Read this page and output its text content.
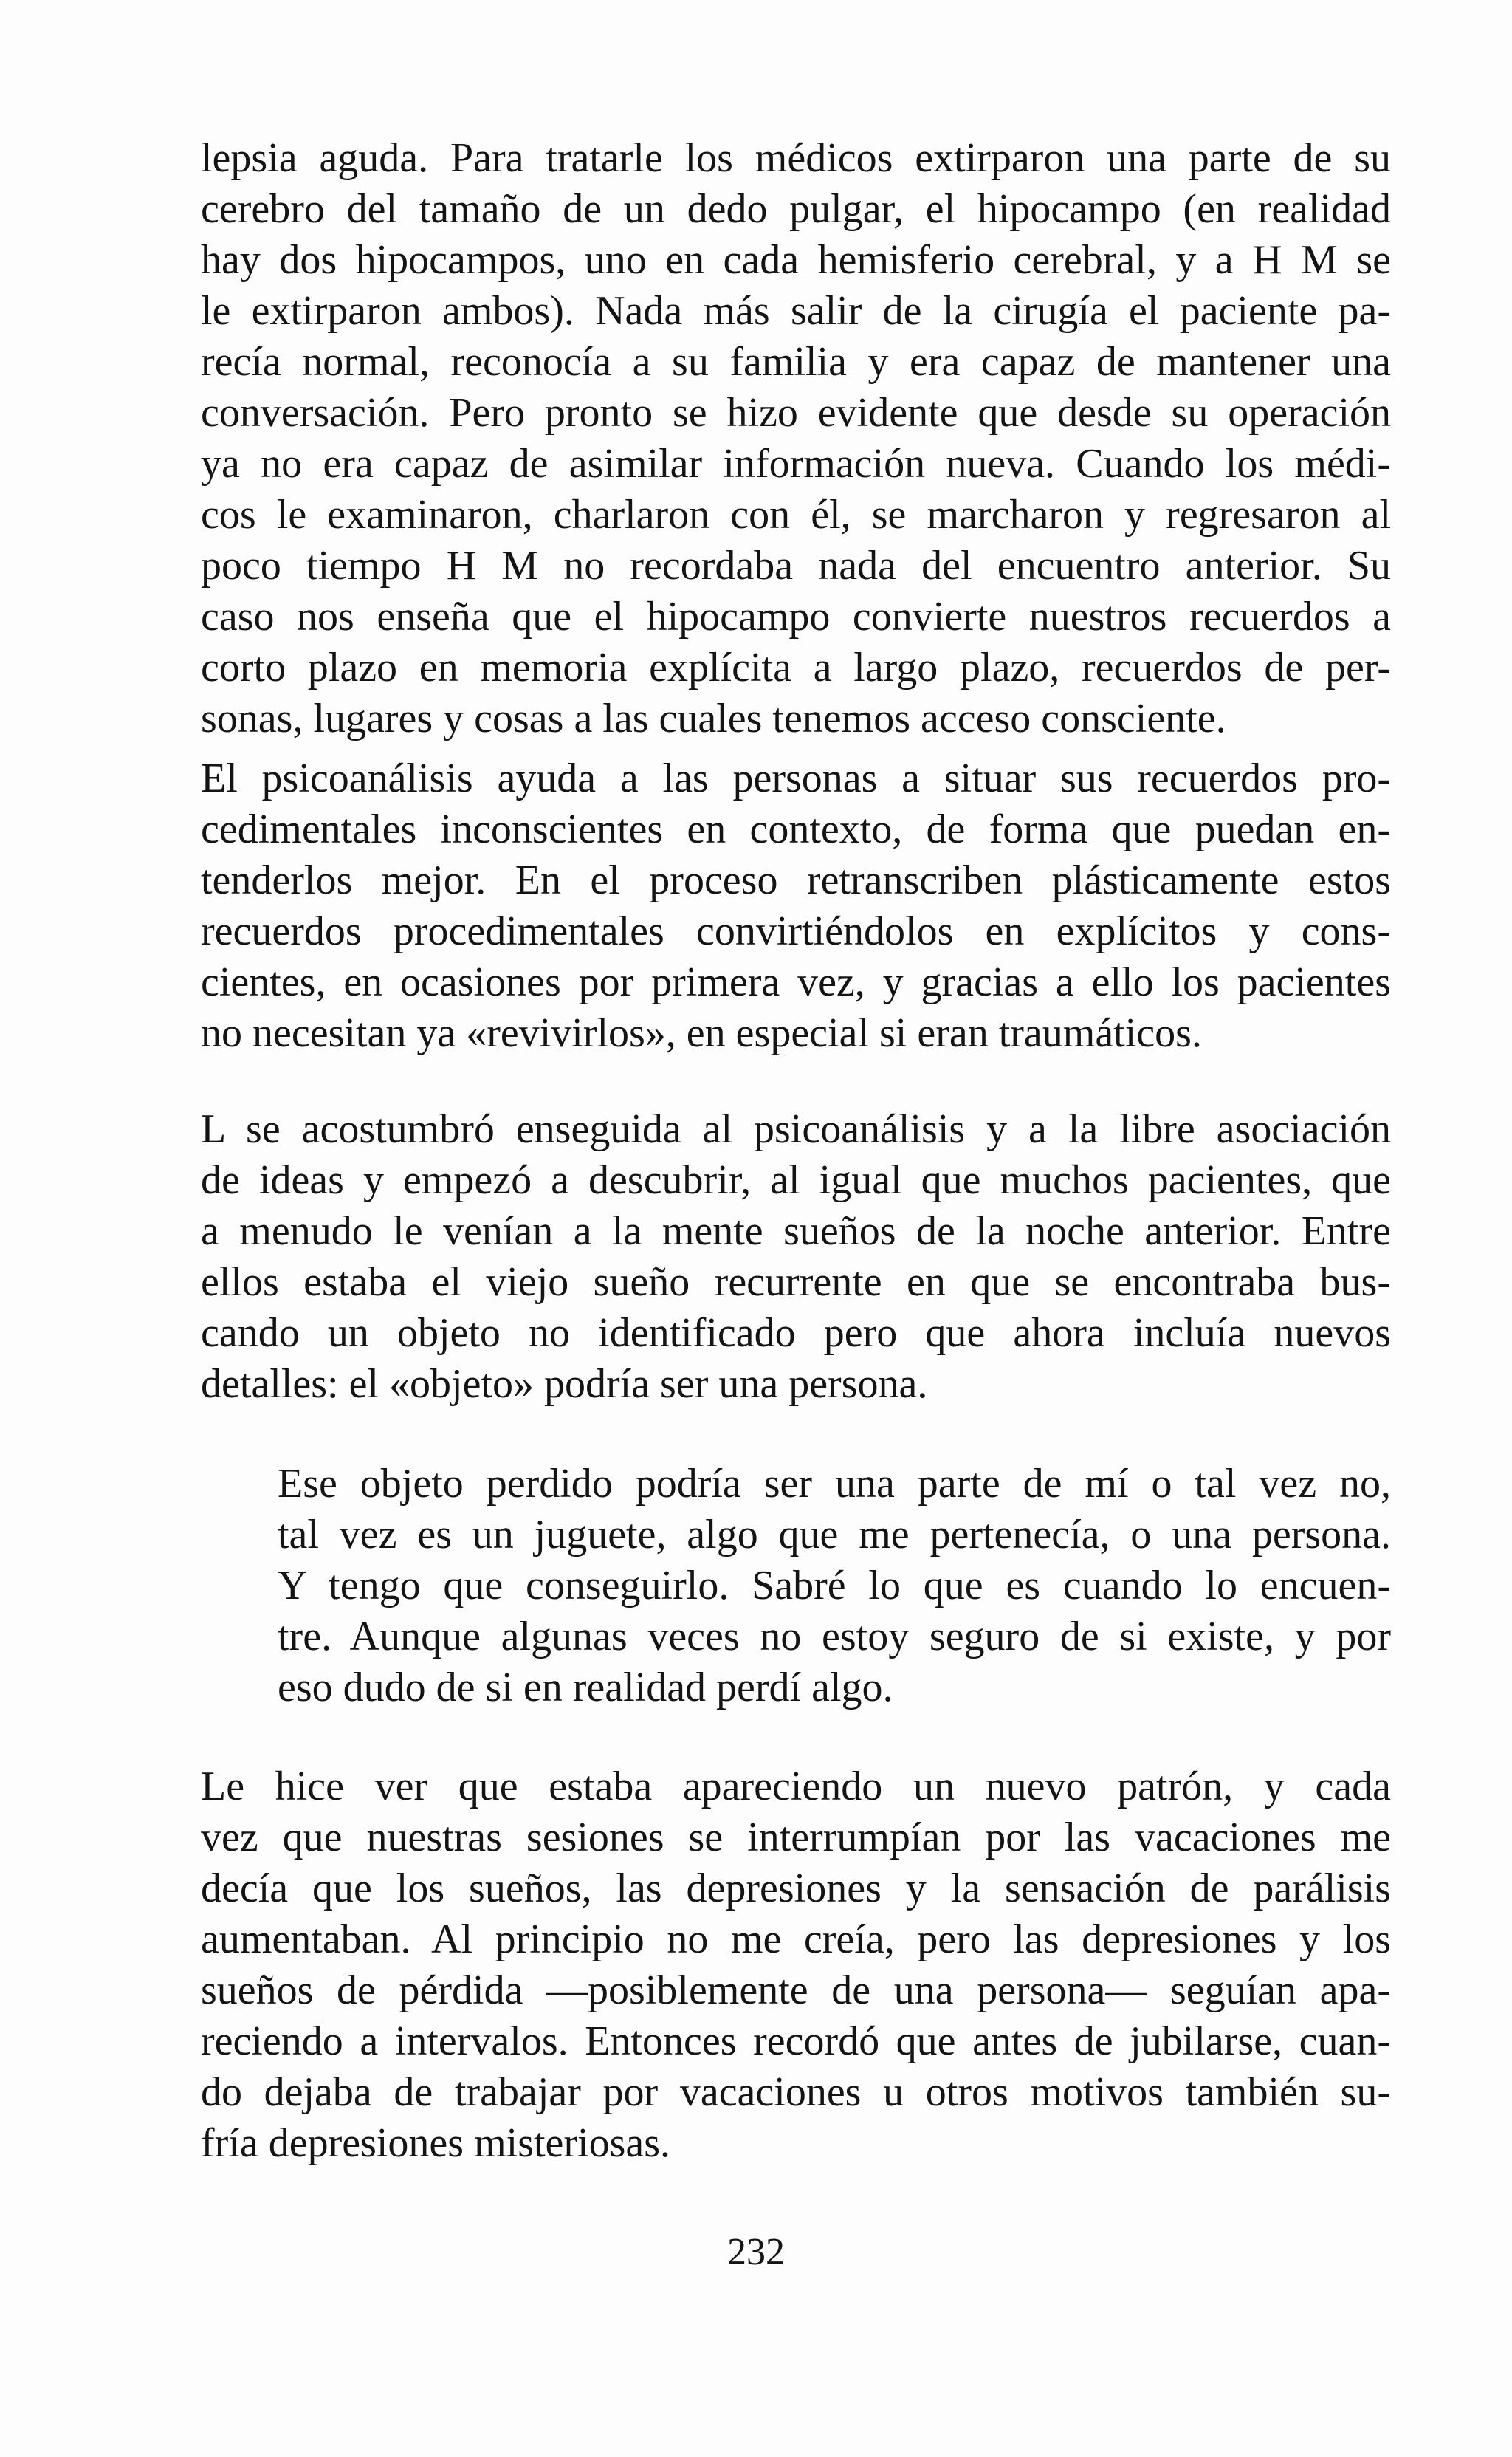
lepsia aguda. Para tratarle los médicos extirparon una parte de su
cerebro del tamaño de un dedo pulgar, el hipocampo (en realidad
hay dos hipocampos, uno en cada hemisferio cerebral, y a H M se
le extirparon ambos). Nada más salir de la cirugía el paciente pa-
recía normal, reconocía a su familia y era capaz de mantener una
conversación. Pero pronto se hizo evidente que desde su operación
ya no era capaz de asimilar información nueva. Cuando los médi-
cos le examinaron, charlaron con él, se marcharon y regresaron al
poco tiempo H M no recordaba nada del encuentro anterior. Su
caso nos enseña que el hipocampo convierte nuestros recuerdos a
corto plazo en memoria explícita a largo plazo, recuerdos de per-
sonas, lugares y cosas a las cuales tenemos acceso consciente.
El psicoanálisis ayuda a las personas a situar sus recuerdos pro-
cedimentales inconscientes en contexto, de forma que puedan en-
tenderlos mejor. En el proceso retranscriben plásticamente estos
recuerdos procedimentales convirtiéndolos en explícitos y cons-
cientes, en ocasiones por primera vez, y gracias a ello los pacientes
no necesitan ya «revivirlos», en especial si eran traumáticos.
L se acostumbró enseguida al psicoanálisis y a la libre asociación
de ideas y empezó a descubrir, al igual que muchos pacientes, que
a menudo le venían a la mente sueños de la noche anterior. Entre
ellos estaba el viejo sueño recurrente en que se encontraba bus-
cando un objeto no identificado pero que ahora incluía nuevos
detalles: el «objeto» podría ser una persona.
Ese objeto perdido podría ser una parte de mí o tal vez no,
tal vez es un juguete, algo que me pertenecía, o una persona.
Y tengo que conseguirlo. Sabré lo que es cuando lo encuen-
tre. Aunque algunas veces no estoy seguro de si existe, y por
eso dudo de si en realidad perdí algo.
Le hice ver que estaba apareciendo un nuevo patrón, y cada
vez que nuestras sesiones se interrumpían por las vacaciones me
decía que los sueños, las depresiones y la sensación de parálisis
aumentaban. Al principio no me creía, pero las depresiones y los
sueños de pérdida —posiblemente de una persona— seguían apa-
reciendo a intervalos. Entonces recordó que antes de jubilarse, cuan-
do dejaba de trabajar por vacaciones u otros motivos también su-
fría depresiones misteriosas.
232
